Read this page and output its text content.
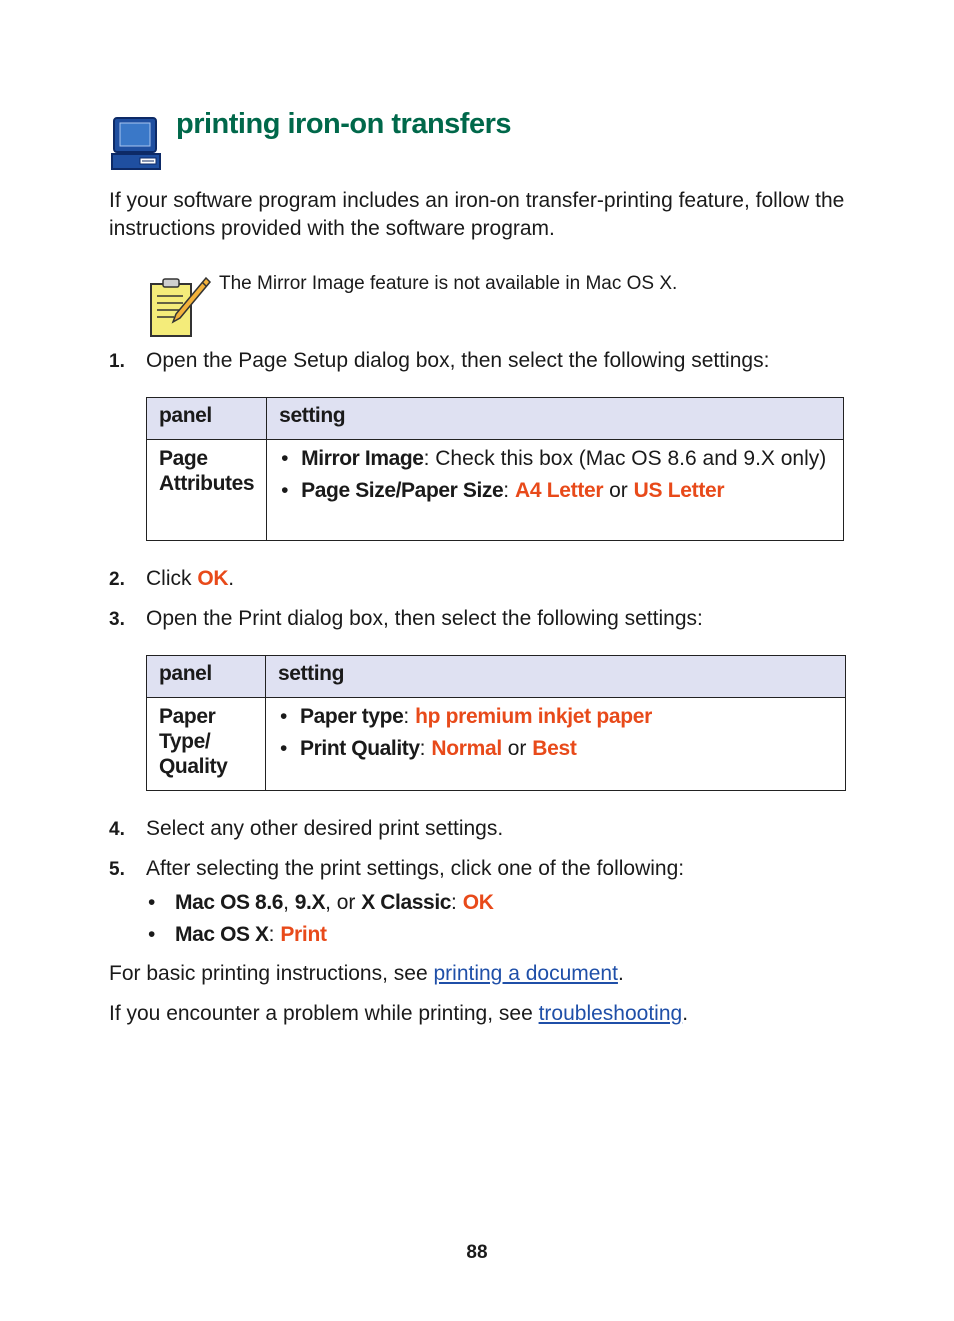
printing iron-on transfers
If your software program includes an iron-on transfer-printing feature, follow the instructions provided with the software program.
The Mirror Image feature is not available in Mac OS X.
1. Open the Page Setup dialog box, then select the following settings:
panel	setting
Page Attributes	• Mirror Image: Check this box (Mac OS 8.6 and 9.X only)
• Page Size/Paper Size: A4 Letter or US Letter
2. Click OK.
3. Open the Print dialog box, then select the following settings:
panel	setting
Paper Type/ Quality	• Paper type: hp premium inkjet paper
• Print Quality: Normal or Best
4. Select any other desired print settings.
5. After selecting the print settings, click one of the following:
• Mac OS 8.6, 9.X, or X Classic: OK
• Mac OS X: Print
For basic printing instructions, see printing a document.
If you encounter a problem while printing, see troubleshooting.
88
